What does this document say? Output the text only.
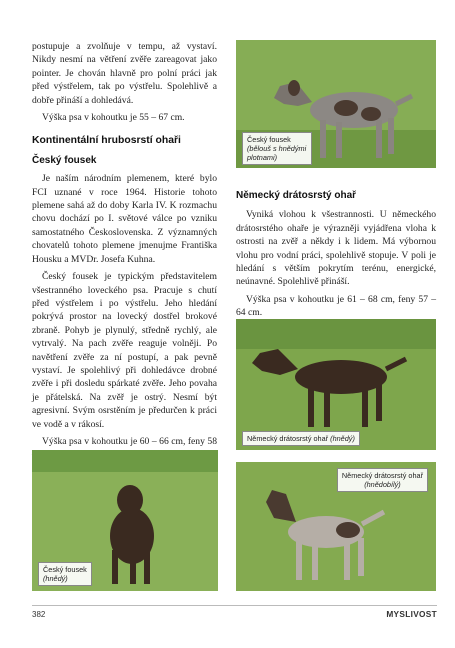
postupuje a zvolňuje v tempu, až vystaví. Nikdy nesmí na větření zvěře zareagovat jako pointer. Je chován hlavně pro polní práci jak před výstřelem, tak po výstřelu. Spolehlivě a dobře přináší a dohledává.

Výška psa v kohoutku je 55 – 67 cm.

Kontinentální hrubosrstí ohaři
Český fousek

Je naším národním plemenem, které bylo FCI uznané v roce 1964. Historie tohoto plemene sahá až do doby Karla IV. K rozmachu chovu dochází po I. světové válce po vzniku samostatného Československa. Z významných chovatelů tohoto plemene jmenujme Františka Housku a MVDr. Josefa Kuhna.

Český fousek je typickým představitelem všestranného loveckého psa. Pracuje s chutí před výstřelem i po výstřelu. Jeho hledání pokrývá prostor na lovecký dostřel brokové zbraně. Pohyb je plynulý, středně rychlý, ale vytrvalý. Na pach zvěře reaguje volněji. Po navětření zvěře za ní postupí, a pak pevně vystaví. Je spolehlivý při dohledávce drobné zvěře i při dosledu spárkaté zvěře. Jeho povaha je přátelská. Na zvěř je ostrý. Nesmí být agresivní. Svým osrstěním je předurčen k práci ve vodě a v rákosí.

Výška psa v kohoutku je 60 – 66 cm, feny 58

Německý drátosrstý ohař

Vyniká vlohou k všestrannosti. U německého drátosrstého ohaře je výrazněji vyjádřena vloha k ostrosti na zvěř a někdy i k lidem. Má výbornou vlohu pro vodní práci, spolehlivě stopuje. V poli je hledání s větším pokrytím terénu, energické, neúnavné. Spolehlivě přináší.

Výška psa v kohoutku je 61 – 68 cm, feny 57 – 64 cm.

Český fousek
(bělouš s hnědými plotnami)
Německý drátosrstý ohař (hnědý)
Český fousek
(hnědý)
Německý drátosrstý ohař
(hnědobílý)
382	MYSLIVOST
